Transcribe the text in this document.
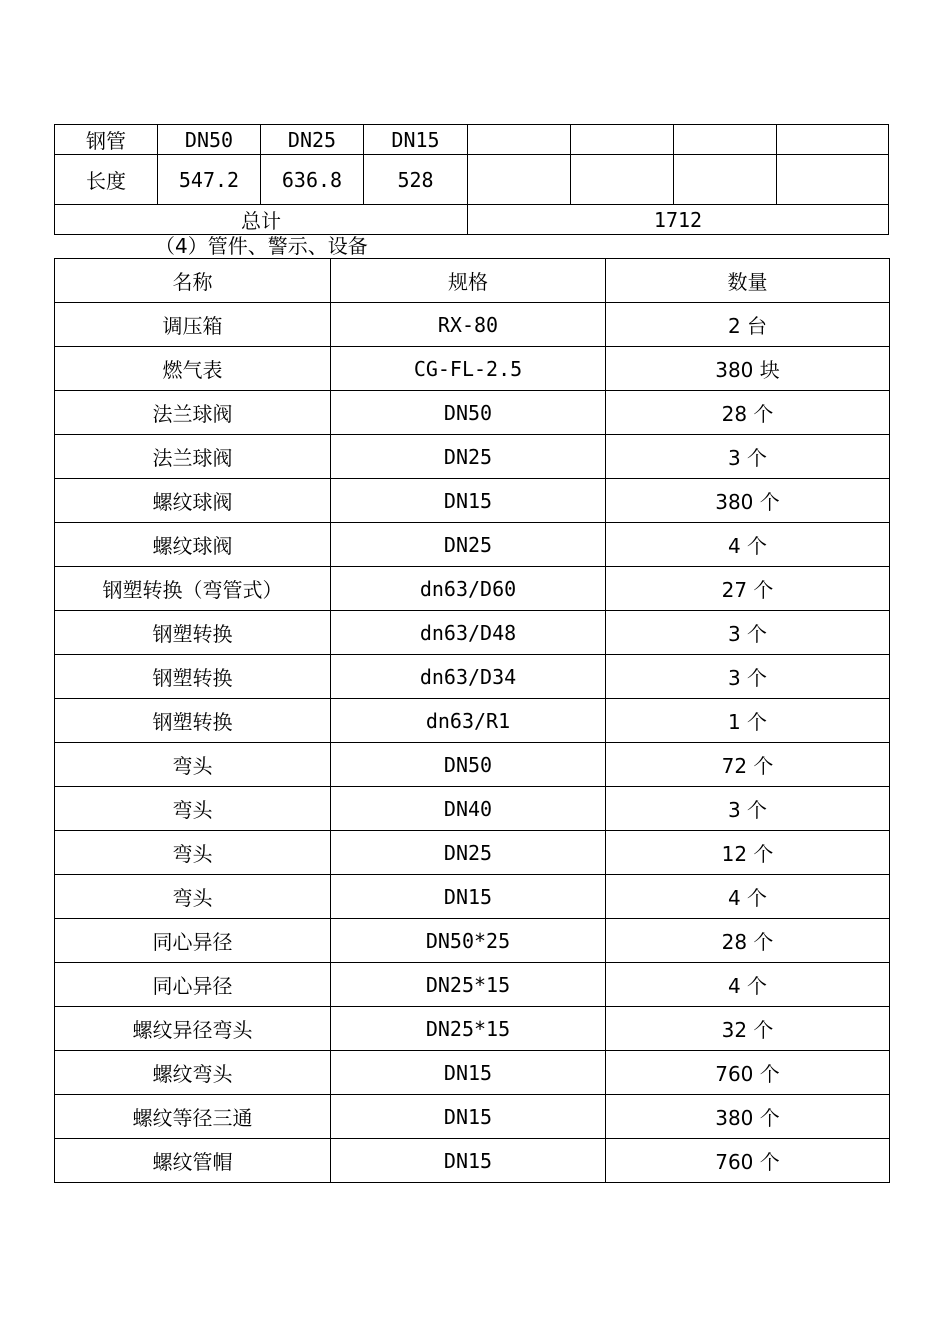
钢管	DN50	DN25	DN15				
长度	547.2	636.8	528				
总计				1712			
（4）管件、警示、设备
名称	规格	数量
调压箱	RX-80	2 台
燃气表	CG-FL-2.5	380 块
法兰球阀	DN50	28 个
法兰球阀	DN25	3 个
螺纹球阀	DN15	380 个
螺纹球阀	DN25	4 个
钢塑转换（弯管式）	dn63/D60	27 个
钢塑转换	dn63/D48	3 个
钢塑转换	dn63/D34	3 个
钢塑转换	dn63/R1	1 个
弯头	DN50	72 个
弯头	DN40	3 个
弯头	DN25	12 个
弯头	DN15	4 个
同心异径	DN50*25	28 个
同心异径	DN25*15	4 个
螺纹异径弯头	DN25*15	32 个
螺纹弯头	DN15	760 个
螺纹等径三通	DN15	380 个
螺纹管帽	DN15	760 个
